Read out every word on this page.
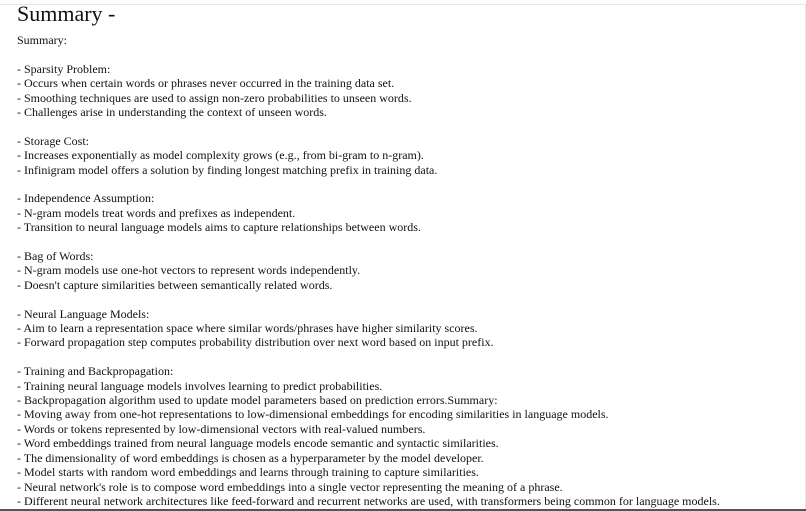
Summary -
Summary:
- Sparsity Problem:
- Occurs when certain words or phrases never occurred in the training data set.
- Smoothing techniques are used to assign non-zero probabilities to unseen words.
- Challenges arise in understanding the context of unseen words.
- Storage Cost:
- Increases exponentially as model complexity grows (e.g., from bi-gram to n-gram).
- Infinigram model offers a solution by finding longest matching prefix in training data.
- Independence Assumption:
- N-gram models treat words and prefixes as independent.
- Transition to neural language models aims to capture relationships between words.
- Bag of Words:
- N-gram models use one-hot vectors to represent words independently.
- Doesn't capture similarities between semantically related words.
- Neural Language Models:
- Aim to learn a representation space where similar words/phrases have higher similarity scores.
- Forward propagation step computes probability distribution over next word based on input prefix.
- Training and Backpropagation:
- Training neural language models involves learning to predict probabilities.
- Backpropagation algorithm used to update model parameters based on prediction errors.Summary:
- Moving away from one-hot representations to low-dimensional embeddings for encoding similarities in language models.
- Words or tokens represented by low-dimensional vectors with real-valued numbers.
- Word embeddings trained from neural language models encode semantic and syntactic similarities.
- The dimensionality of word embeddings is chosen as a hyperparameter by the model developer.
- Model starts with random word embeddings and learns through training to capture similarities.
- Neural network's role is to compose word embeddings into a single vector representing the meaning of a phrase.
- Different neural network architectures like feed-forward and recurrent networks are used, with transformers being common for language models.
